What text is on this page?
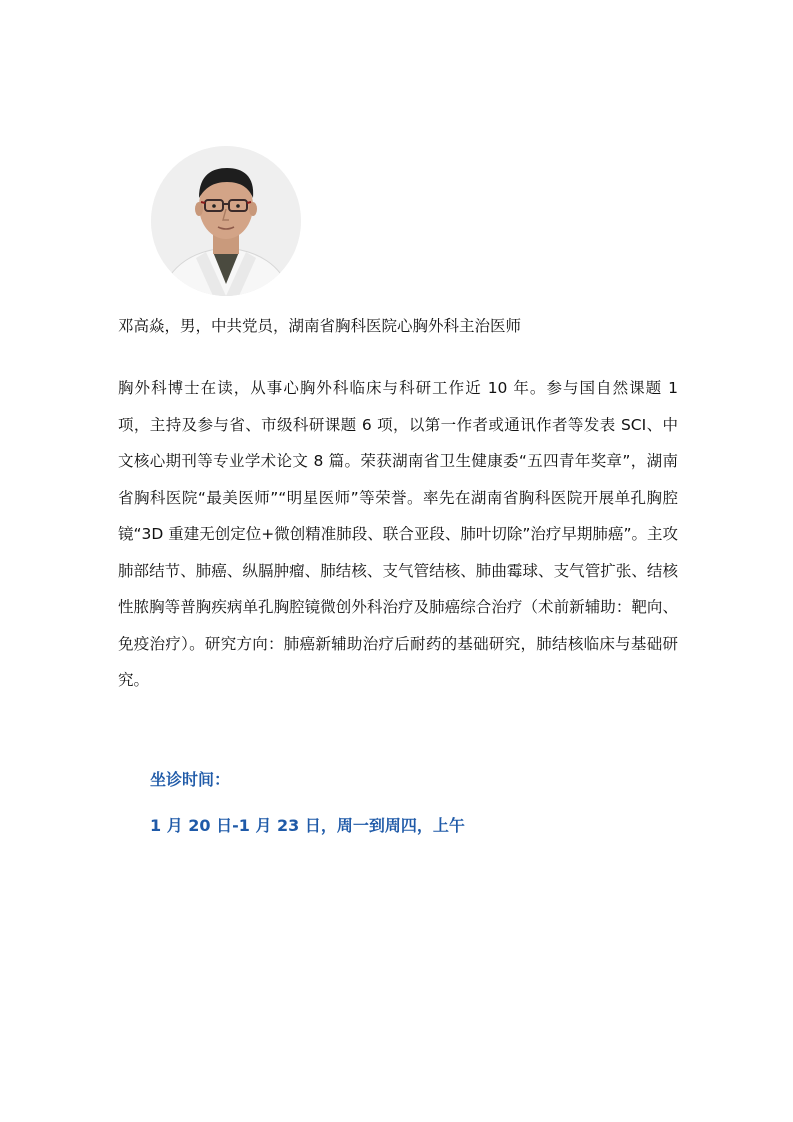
邓高焱，男，中共党员，湖南省胸科医院心胸外科主治医师

胸外科博士在读，从事心胸外科临床与科研工作近 10 年。参与国自然课题 1 项，主持及参与省、市级科研课题 6 项，以第一作者或通讯作者等发表 SCI、中文核心期刊等专业学术论文 8 篇。荣获湖南省卫生健康委“五四青年奖章”，湖南省胸科医院“最美医师”“明星医师”等荣誉。率先在湖南省胸科医院开展单孔胸腔镜“3D 重建无创定位+微创精准肺段、联合亚段、肺叶切除”治疗早期肺癌”。主攻肺部结节、肺癌、纵膈肿瘤、肺结核、支气管结核、肺曲霉球、支气管扩张、结核性脓胸等普胸疾病单孔胸腔镜微创外科治疗及肺癌综合治疗（术前新辅助：靶向、免疫治疗）。研究方向：肺癌新辅助治疗后耐药的基础研究，肺结核临床与基础研究。

坐诊时间：

1 月 20 日-1 月 23 日，周一到周四，上午
